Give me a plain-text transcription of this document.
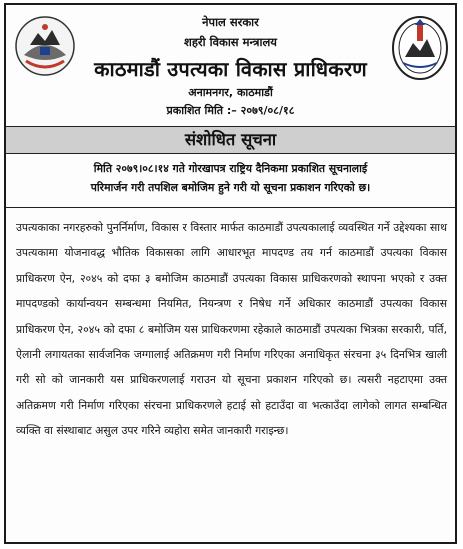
नेपाल सरकार
शहरी विकास मन्त्रालय
काठमाडौं उपत्यका विकास प्राधिकरण
अनामनगर, काठमाडौं
प्रकाशित मिति :– २०७९/०८/१८
संशोधित सूचना
मिति २०७९।०८।१४ गते गोरखापत्र राष्ट्रिय दैनिकमा प्रकाशित सूचनालाई
परिमार्जन गरी तपशिल बमोजिम हुने गरी यो सूचना प्रकाशन गरिएको छ।
उपत्यकाका नगरहरुको पुनर्निर्माण, विकास र विस्तार मार्फत काठमाडौं उपत्यकालाई व्यवस्थित गर्ने उद्देश्यका साथ उपत्यकामा योजनावद्ध भौतिक विकासका लागि आधारभूत मापदण्ड तय गर्न काठमाडौं उपत्यका विकास प्राधिकरण ऐन, २०४५ को दफा ३ बमोजिम काठमाडौं उपत्यका विकास प्राधिकरणको स्थापना भएको र उक्त मापदण्डको कार्यान्वयन सम्बन्धमा नियमित, नियन्त्रण र निषेध गर्ने अधिकार काठमाडौं उपत्यका विकास प्राधिकरण ऐन, २०४५ को दफा ८ बमोजिम यस प्राधिकरणमा रहेकाले काठमाडौं उपत्यका भित्रका सरकारी, पर्ति, ऐलानी लगायतका सार्वजनिक जग्गालाई अतिक्रमण गरी निर्माण गरिएका अनाधिकृत संरचना ३५ दिनभित्र खाली गरी सो को जानकारी यस प्राधिकरणलाई गराउन यो सूचना प्रकाशन गरिएको छ। त्यसरी नहटाएमा उक्त अतिक्रमण गरी निर्माण गरिएका संरचना प्राधिकरणले हटाई सो हटाउँदा वा भत्काउँदा लागेको लागत सम्बन्धित व्यक्ति वा संस्थाबाट असुल उपर गरिने व्यहोरा समेत जानकारी गराइन्छ।
